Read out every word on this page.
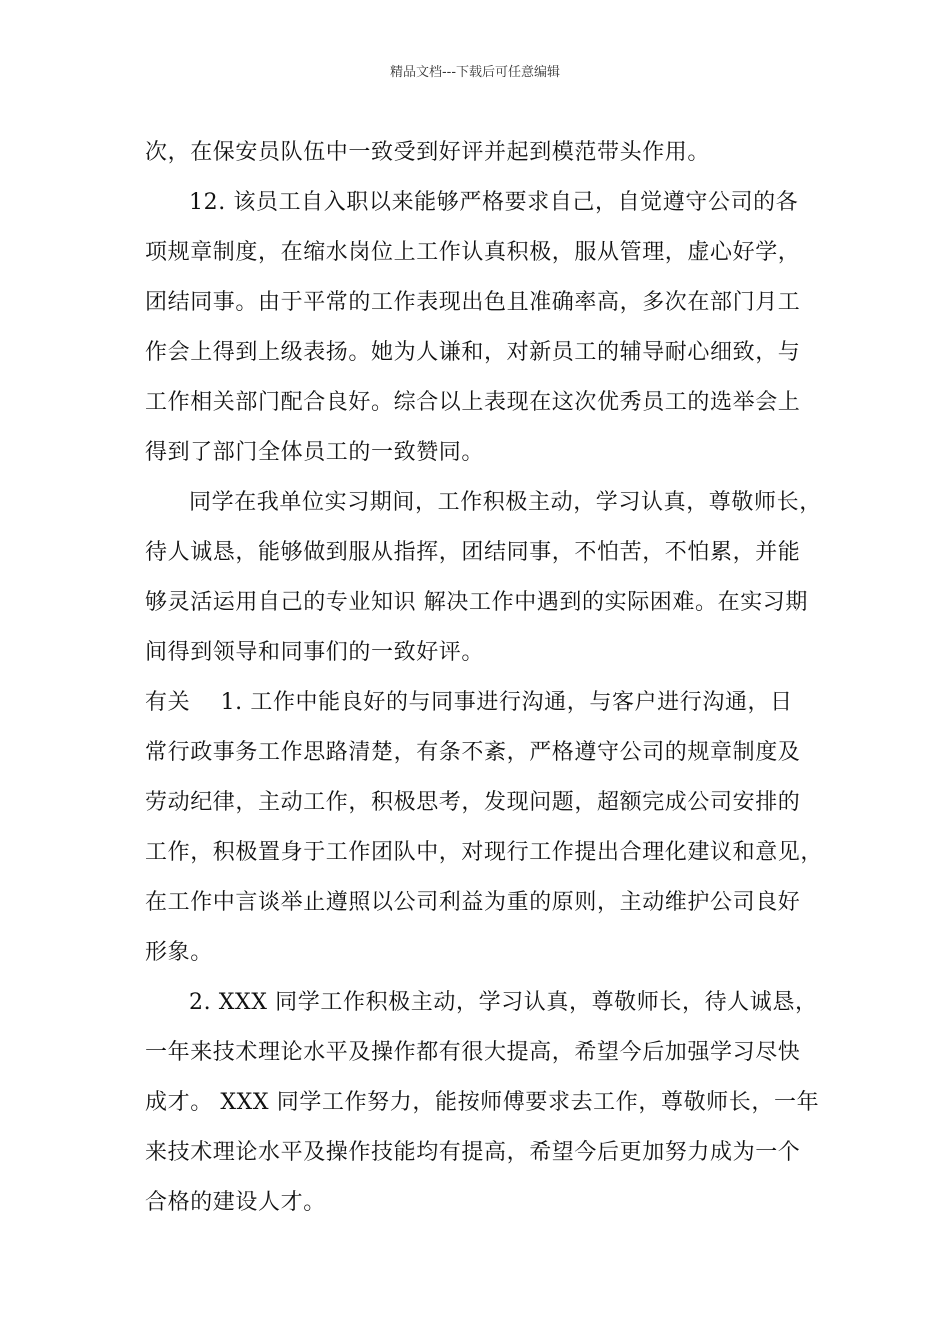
精品文档---下载后可任意编辑
次，在保安员队伍中一致受到好评并起到模范带头作用。
12. 该员工自入职以来能够严格要求自己，自觉遵守公司的各
项规章制度，在缩水岗位上工作认真积极，服从管理，虚心好学，
团结同事。由于平常的工作表现出色且准确率高，多次在部门月工
作会上得到上级表扬。她为人谦和，对新员工的辅导耐心细致，与
工作相关部门配合良好。综合以上表现在这次优秀员工的选举会上
得到了部门全体员工的一致赞同。
同学在我单位实习期间，工作积极主动，学习认真，尊敬师长，
待人诚恳，能够做到服从指挥，团结同事，不怕苦，不怕累，并能
够灵活运用自己的专业知识 解决工作中遇到的实际困难。在实习期
间得到领导和同事们的一致好评。
有关    1. 工作中能良好的与同事进行沟通，与客户进行沟通，日
常行政事务工作思路清楚，有条不紊，严格遵守公司的规章制度及
劳动纪律，主动工作，积极思考，发现问题，超额完成公司安排的
工作，积极置身于工作团队中，对现行工作提出合理化建议和意见，
在工作中言谈举止遵照以公司利益为重的原则，主动维护公司良好
形象。
2. XXX 同学工作积极主动，学习认真，尊敬师长，待人诚恳，
一年来技术理论水平及操作都有很大提高，希望今后加强学习尽快
成才。 XXX 同学工作努力，能按师傅要求去工作，尊敬师长，一年
来技术理论水平及操作技能均有提高，希望今后更加努力成为一个
合格的建设人才。
